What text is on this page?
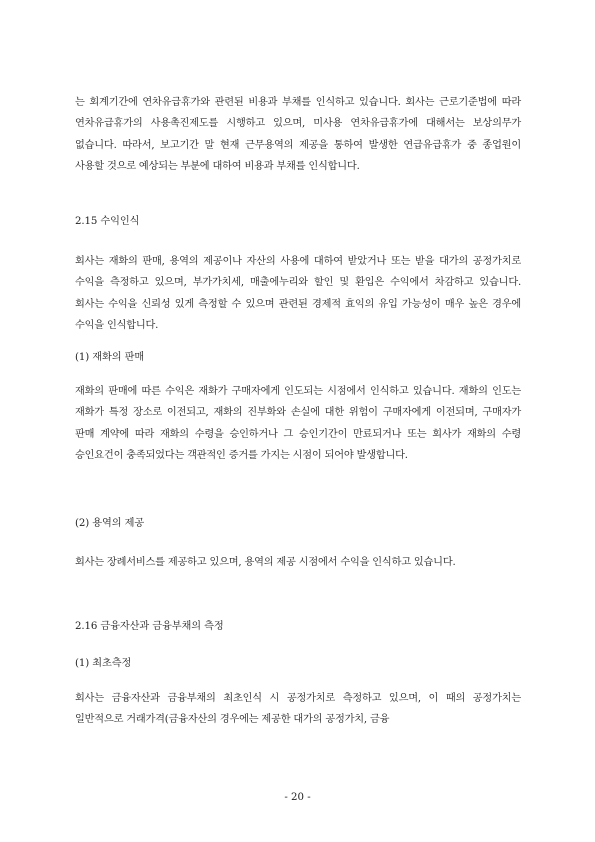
는 회계기간에 연차유급휴가와 관련된 비용과 부채를 인식하고 있습니다. 회사는 근로기준법에 따라 연차유급휴가의 사용촉진제도를 시행하고 있으며, 미사용 연차유급휴가에 대해서는 보상의무가 없습니다. 따라서, 보고기간 말 현재 근무용역의 제공을 통하여 발생한 연급유급휴가 중 종업원이 사용할 것으로 예상되는 부분에 대하여 비용과 부채를 인식합니다.

2.15 수익인식

회사는 재화의 판매, 용역의 제공이나 자산의 사용에 대하여 받았거나 또는 받을 대가의 공정가치로 수익을 측정하고 있으며, 부가가치세, 매출에누리와 할인 및 환입은 수익에서 차감하고 있습니다. 회사는 수익을 신뢰성 있게 측정할 수 있으며 관련된 경제적 효익의 유입 가능성이 매우 높은 경우에 수익을 인식합니다.

(1) 재화의 판매

재화의 판매에 따른 수익은 재화가 구매자에게 인도되는 시점에서 인식하고 있습니다. 재화의 인도는 재화가 특정 장소로 이전되고, 재화의 진부화와 손실에 대한 위험이 구매자에게 이전되며, 구매자가 판매 계약에 따라 재화의 수령을 승인하거나 그 승인기간이 만료되거나 또는 회사가 재화의 수령 승인요건이 충족되었다는 객관적인 증거를 가지는 시점이 되어야 발생합니다.

(2) 용역의 제공

회사는 장례서비스를 제공하고 있으며, 용역의 제공 시점에서 수익을 인식하고 있습니다.

2.16 금융자산과 금융부채의 측정

(1) 최초측정

회사는 금융자산과 금융부채의 최초인식 시 공정가치로 측정하고 있으며, 이 때의 공정가치는 일반적으로 거래가격(금융자산의 경우에는 제공한 대가의 공정가치, 금융

- 20 -
